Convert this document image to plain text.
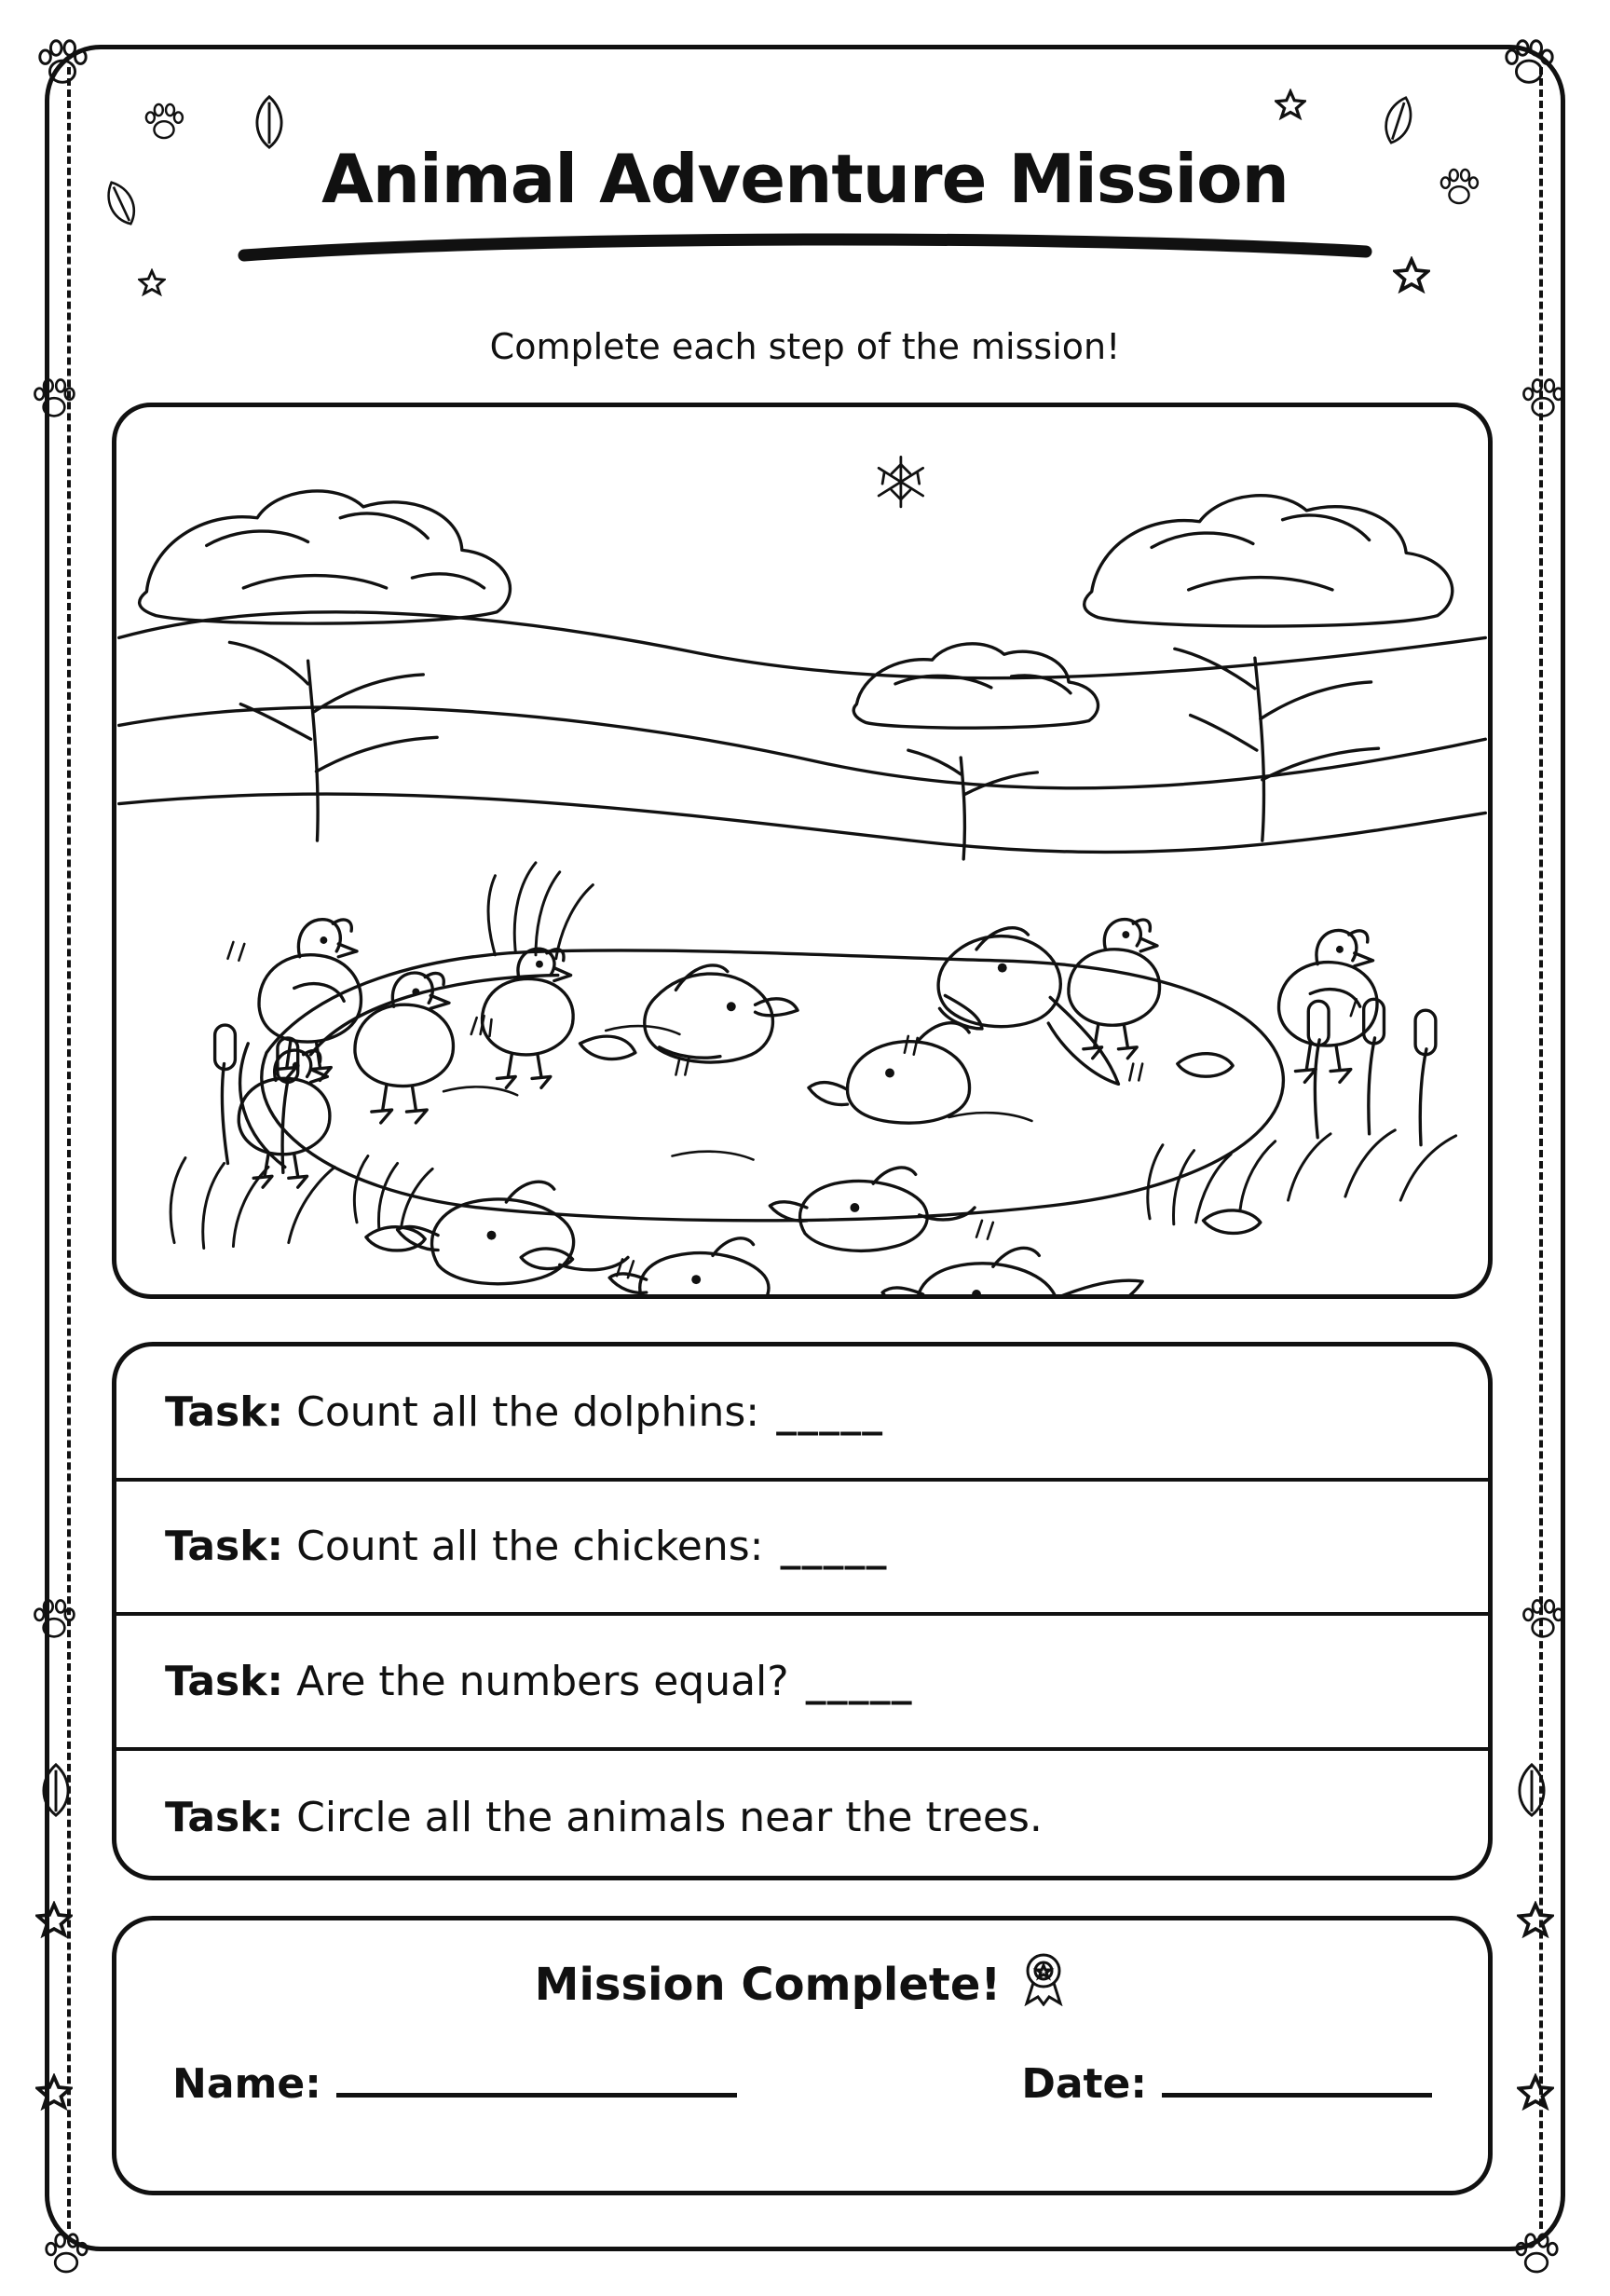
Animal Adventure Mission
Complete each step of the mission!
Task: Count all the dolphins: _____
Task: Count all the chickens: _____
Task: Are the numbers equal? _____
Task: Circle all the animals near the trees.
Mission Complete!
Name:	Date:
